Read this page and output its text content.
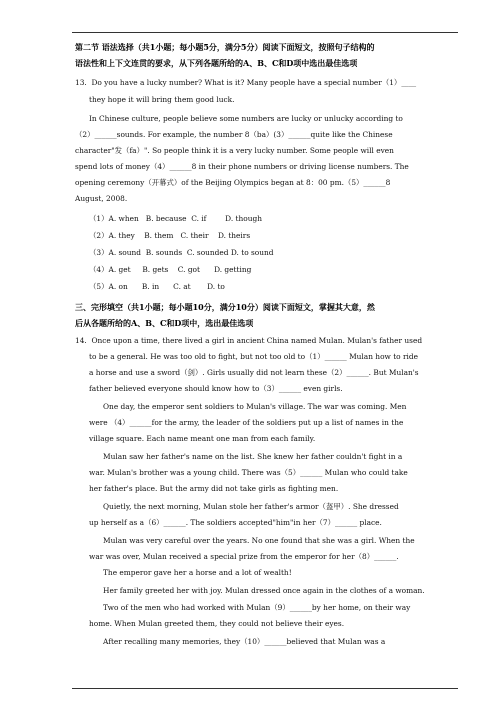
第二节 语法选择（共1小题；每小题5分，满分5分）阅读下面短文，按照句子结构的
语法性和上下文连贯的要求，从下列各题所给的A、B、C和D项中选出最佳选项
13.  Do you have a lucky number? What is it? Many people have a special number（1）____
they hope it will bring them good luck.
In Chinese culture, people believe some numbers are lucky or unlucky according to
（2）______sounds. For example, the number 8（ba）(3）______quite like the Chinese
character"发（fa）". So people think it is a very lucky number. Some people will even
spend lots of money（4）______8 in their phone numbers or driving license numbers. The
opening ceremony（开幕式）of the Beijing Olympics began at 8：00 pm.（5）______8
August, 2008.
（1）A. when   B. because  C. if        D. though
（2）A. they    B. them   C. their    D. theirs
（3）A. sound  B. sounds  C. sounded D. to sound
（4）A. get     B. gets    C. got      D. getting
（5）A. on      B. in      C. at       D. to
三、完形填空（共1小题；每小题10分，满分10分）阅读下面短文，掌握其大意，然
后从各题所给的A、B、C和D项中，选出最佳选项
14.  Once upon a time, there lived a girl in ancient China named Mulan. Mulan's father used
to be a general. He was too old to fight, but not too old to（1）______ Mulan how to ride
a horse and use a sword（剑）. Girls usually did not learn these（2）______. But Mulan's
father believed everyone should know how to（3）______ even girls.
One day, the emperor sent soldiers to Mulan's village. The war was coming. Men
were （4）______for the army, the leader of the soldiers put up a list of names in the
village square. Each name meant one man from each family.
Mulan saw her father's name on the list. She knew her father couldn't fight in a
war. Mulan's brother was a young child. There was（5）______ Mulan who could take
her father's place. But the army did not take girls as fighting men.
Quietly, the next morning, Mulan stole her father's armor（盔甲）. She dressed
up herself as a（6）______. The soldiers accepted"him"in her（7）______ place.
Mulan was very careful over the years. No one found that she was a girl. When the
war was over, Mulan received a special prize from the emperor for her（8）______.
The emperor gave her a horse and a lot of wealth!
Her family greeted her with joy. Mulan dressed once again in the clothes of a woman.
Two of the men who had worked with Mulan（9）______by her home, on their way
home. When Mulan greeted them, they could not believe their eyes.
After recalling many memories, they（10）______believed that Mulan was a
